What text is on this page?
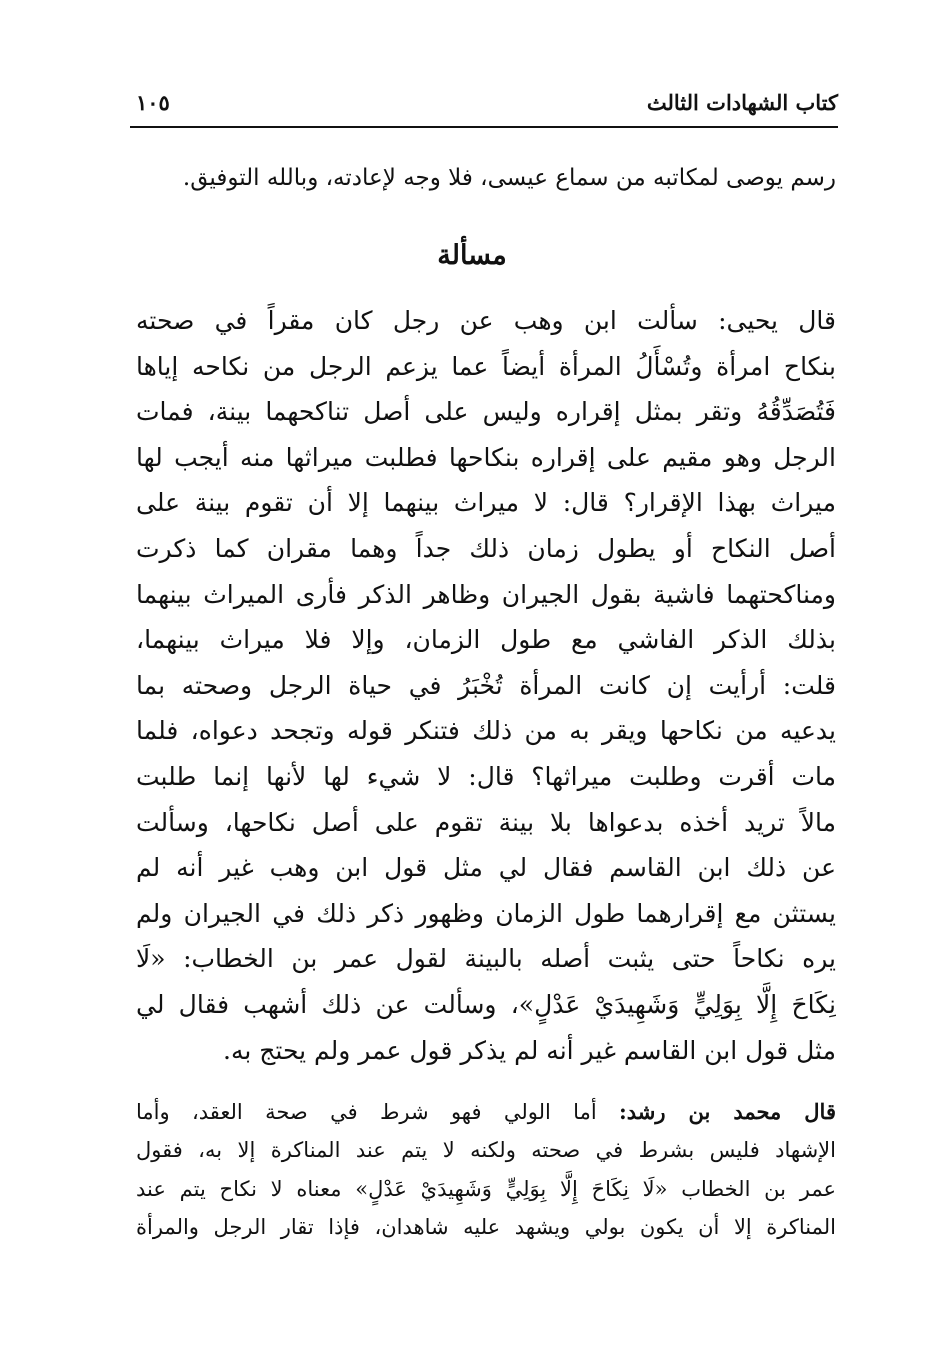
كتاب الشهادات الثالث
١٠٥
رسم يوصى لمكاتبه من سماع عيسى، فلا وجه لإعادته، وبالله التوفيق.
مسألة
قال يحيى: سألت ابن وهب عن رجل كان مقراً في صحته
بنكاح امرأة وتُسْأَلُ المرأة أيضاً عما يزعم الرجل من نكاحه إياها
فَتُصَدِّقُهُ وتقر بمثل إقراره وليس على أصل تناكحهما بينة، فمات
الرجل وهو مقيم على إقراره بنكاحها فطلبت ميراثها منه أيجب لها
ميراث بهذا الإقرار؟ قال: لا ميراث بينهما إلا أن تقوم بينة على
أصل النكاح أو يطول زمان ذلك جداً وهما مقران كما ذكرت
ومناكحتهما فاشية بقول الجيران وظاهر الذكر فأرى الميراث بينهما
بذلك الذكر الفاشي مع طول الزمان، وإلا فلا ميراث بينهما،
قلت: أرأيت إن كانت المرأة تُخْبَرُ في حياة الرجل وصحته بما
يدعيه من نكاحها ويقر به من ذلك فتنكر قوله وتجحد دعواه، فلما
مات أقرت وطلبت ميراثها؟ قال: لا شيء لها لأنها إنما طلبت
مالاً تريد أخذه بدعواها بلا بينة تقوم على أصل نكاحها، وسألت
عن ذلك ابن القاسم فقال لي مثل قول ابن وهب غير أنه لم
يستثن مع إقرارهما طول الزمان وظهور ذكر ذلك في الجيران ولم
يره نكاحاً حتى يثبت أصله بالبينة لقول عمر بن الخطاب: «لَا
نِكَاحَ إِلَّا بِوَلِيٍّ وَشَهِيدَيْ عَدْلٍ»، وسألت عن ذلك أشهب فقال لي
مثل قول ابن القاسم غير أنه لم يذكر قول عمر ولم يحتج به.
قال محمد بن رشد: أما الولي فهو شرط في صحة العقد، وأما
الإشهاد فليس بشرط في صحته ولكنه لا يتم عند المناكرة إلا به، فقول
عمر بن الخطاب «لَا نِكَاحَ إِلَّا بِوَلِيٍّ وَشَهِيدَيْ عَدْلٍ» معناه لا نكاح يتم عند
المناكرة إلا أن يكون بولي ويشهد عليه شاهدان، فإذا تقار الرجل والمرأة
